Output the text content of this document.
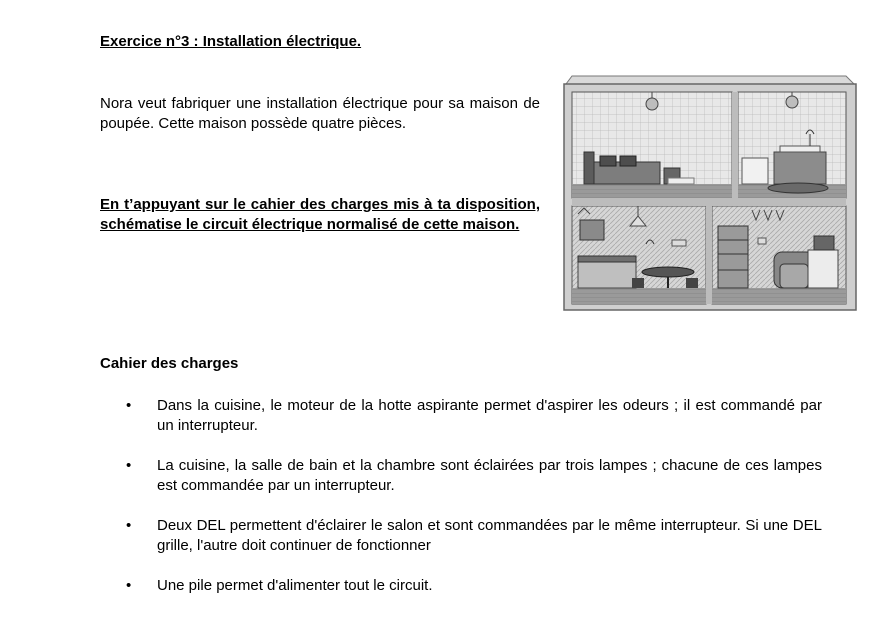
Exercice n°3 : Installation électrique.
Nora veut fabriquer une installation électrique pour sa maison de poupée. Cette maison possède quatre pièces.
En t’appuyant sur le cahier des charges mis à ta disposition, schématise le circuit électrique normalisé de cette maison.
Cahier des charges
• Dans la cuisine, le moteur de la hotte aspirante permet d'aspirer les odeurs ; il est commandé par un interrupteur.
• La cuisine, la salle de bain et la chambre sont éclairées par trois lampes ; chacune de ces lampes est commandée par un interrupteur.
• Deux DEL permettent d'éclairer le salon et sont commandées par le même interrupteur. Si une DEL grille, l'autre doit continuer de fonctionner
• Une pile permet d'alimenter tout le circuit.
